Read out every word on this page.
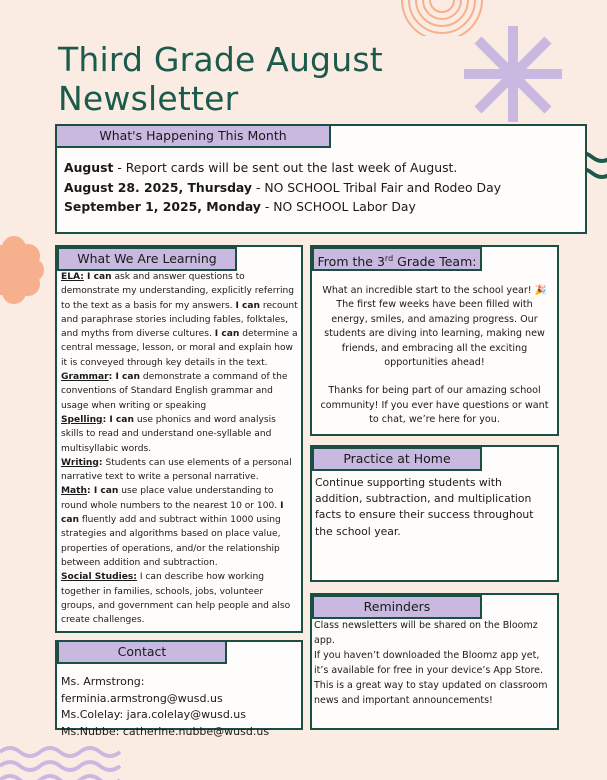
Third Grade August Newsletter
What's Happening This Month

August - Report cards will be sent out the last week of August.

August 28. 2025, Thursday - NO SCHOOL Tribal Fair and Rodeo Day

September 1, 2025, Monday - NO SCHOOL Labor Day

What We Are Learning

ELA: I can ask and answer questions to demonstrate my understanding, explicitly referring to the text as a basis for my answers. I can recount and paraphrase stories including fables, folktales, and myths from diverse cultures. I can determine a central message, lesson, or moral and explain how it is conveyed through key details in the text.

Grammar: I can demonstrate a command of the conventions of Standard English grammar and usage when writing or speaking

Spelling: I can use phonics and word analysis skills to read and understand one-syllable and multisyllabic words.

Writing: Students can use elements of a personal narrative text to write a personal narrative.

Math: I can use place value understanding to round whole numbers to the nearest 10 or 100. I can fluently add and subtract within 1000 using strategies and algorithms based on place value, properties of operations, and/or the relationship between addition and subtraction.

Social Studies: I can describe how working together in families, schools, jobs, volunteer groups, and government can help people and also create challenges.

Contact

Ms. Armstrong: ferminia.armstrong@wusd.us

Ms.Colelay: jara.colelay@wusd.us

Ms.Nubbe: catherine.nubbe@wusd.us

From the 3rd Grade Team:

What an incredible start to the school year! 🎉 The first few weeks have been filled with energy, smiles, and amazing progress. Our students are diving into learning, making new friends, and embracing all the exciting opportunities ahead!

Thanks for being part of our amazing school community! If you ever have questions or want to chat, we’re here for you.

Practice at Home
Continue supporting students with addition, subtraction, and multiplication facts to ensure their success throughout the school year.
Reminders

Class newsletters will be shared on the Bloomz app.

If you haven’t downloaded the Bloomz app yet, it’s available for free in your device’s App Store. This is a great way to stay updated on classroom news and important announcements!
